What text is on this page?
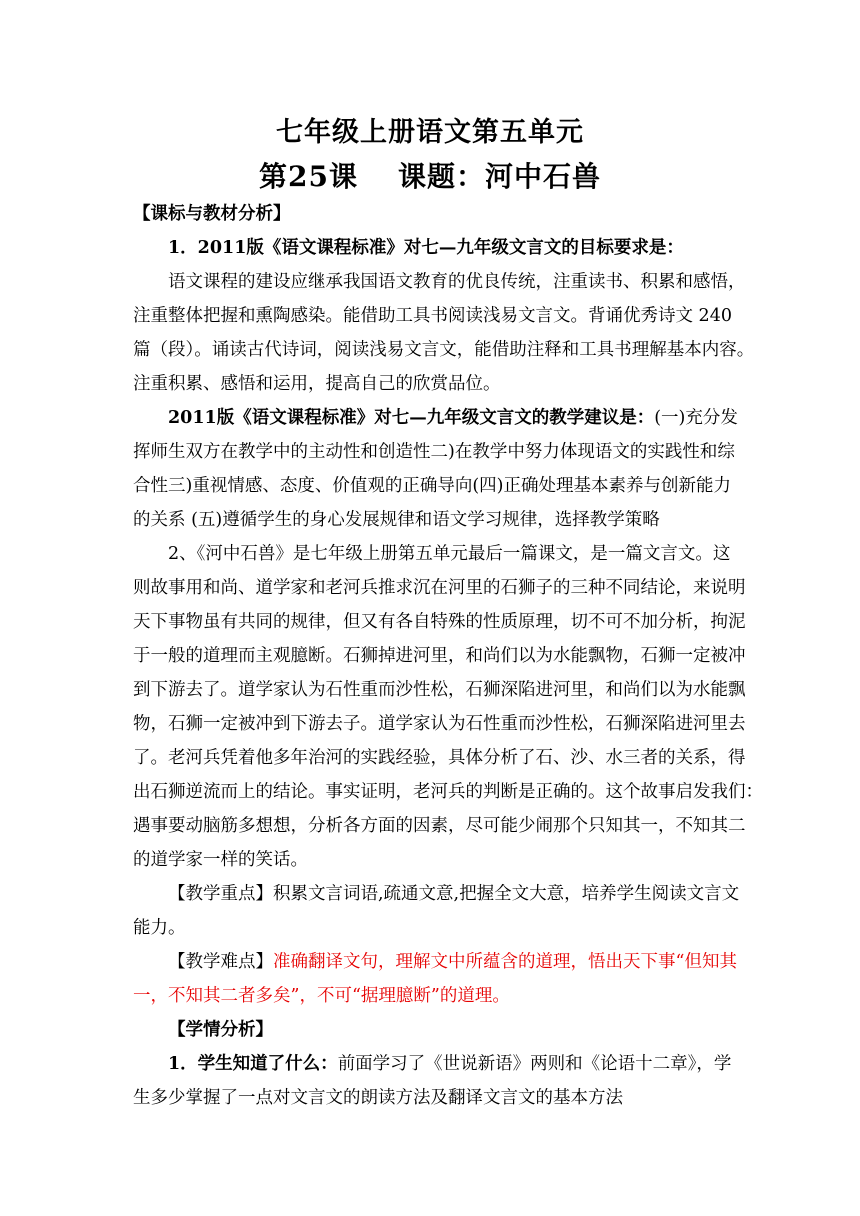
七年级上册语文第五单元
第25课 课题：河中石兽
【课标与教材分析】
1．2011版《语文课程标准》对七—九年级文言文的目标要求是：
语文课程的建设应继承我国语文教育的优良传统，注重读书、积累和感悟，
注重整体把握和熏陶感染。能借助工具书阅读浅易文言文。背诵优秀诗文 240
篇（段）。诵读古代诗词，阅读浅易文言文，能借助注释和工具书理解基本内容。
注重积累、感悟和运用，提高自己的欣赏品位。
2011版《语文课程标准》对七—九年级文言文的教学建议是：(一)充分发
挥师生双方在教学中的主动性和创造性二)在教学中努力体现语文的实践性和综
合性三)重视情感、态度、价值观的正确导向(四)正确处理基本素养与创新能力
的关系 (五)遵循学生的身心发展规律和语文学习规律，选择教学策略
2、《河中石兽》是七年级上册第五单元最后一篇课文，是一篇文言文。这
则故事用和尚、道学家和老河兵推求沉在河里的石狮子的三种不同结论，来说明
天下事物虽有共同的规律，但又有各自特殊的性质原理，切不可不加分析，拘泥
于一般的道理而主观臆断。石狮掉进河里，和尚们以为水能飘物，石狮一定被冲
到下游去了。道学家认为石性重而沙性松，石狮深陷进河里，和尚们以为水能飘
物，石狮一定被冲到下游去子。道学家认为石性重而沙性松，石狮深陷进河里去
了。老河兵凭着他多年治河的实践经验，具体分析了石、沙、水三者的关系，得
出石狮逆流而上的结论。事实证明，老河兵的判断是正确的。这个故事启发我们：
遇事要动脑筋多想想，分析各方面的因素，尽可能少闹那个只知其一，不知其二
的道学家一样的笑话。
【教学重点】积累文言词语,疏通文意,把握全文大意，培养学生阅读文言文
能力。
【教学难点】准确翻译文句，理解文中所蕴含的道理，悟出天下事“但知其
一，不知其二者多矣”，不可“据理臆断”的道理。
【学情分析】
1．学生知道了什么：前面学习了《世说新语》两则和《论语十二章》，学
生多少掌握了一点对文言文的朗读方法及翻译文言文的基本方法
